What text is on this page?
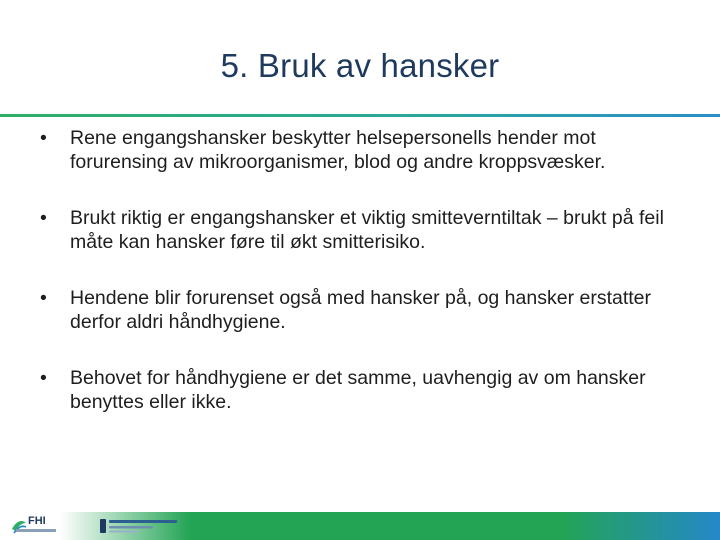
5. Bruk av hansker
•	Rene engangshansker beskytter helsepersonells hender mot forurensing av mikroorganismer, blod og andre kroppsvæsker.
•	Brukt riktig er engangshansker et viktig smitteverntiltak – brukt på feil måte kan hansker føre til økt smitterisiko.
•	Hendene blir forurenset også med hansker på, og hansker erstatter derfor aldri håndhygiene.
•	Behovet for håndhygiene er det samme, uavhengig av om hansker benyttes eller ikke.
FHI
